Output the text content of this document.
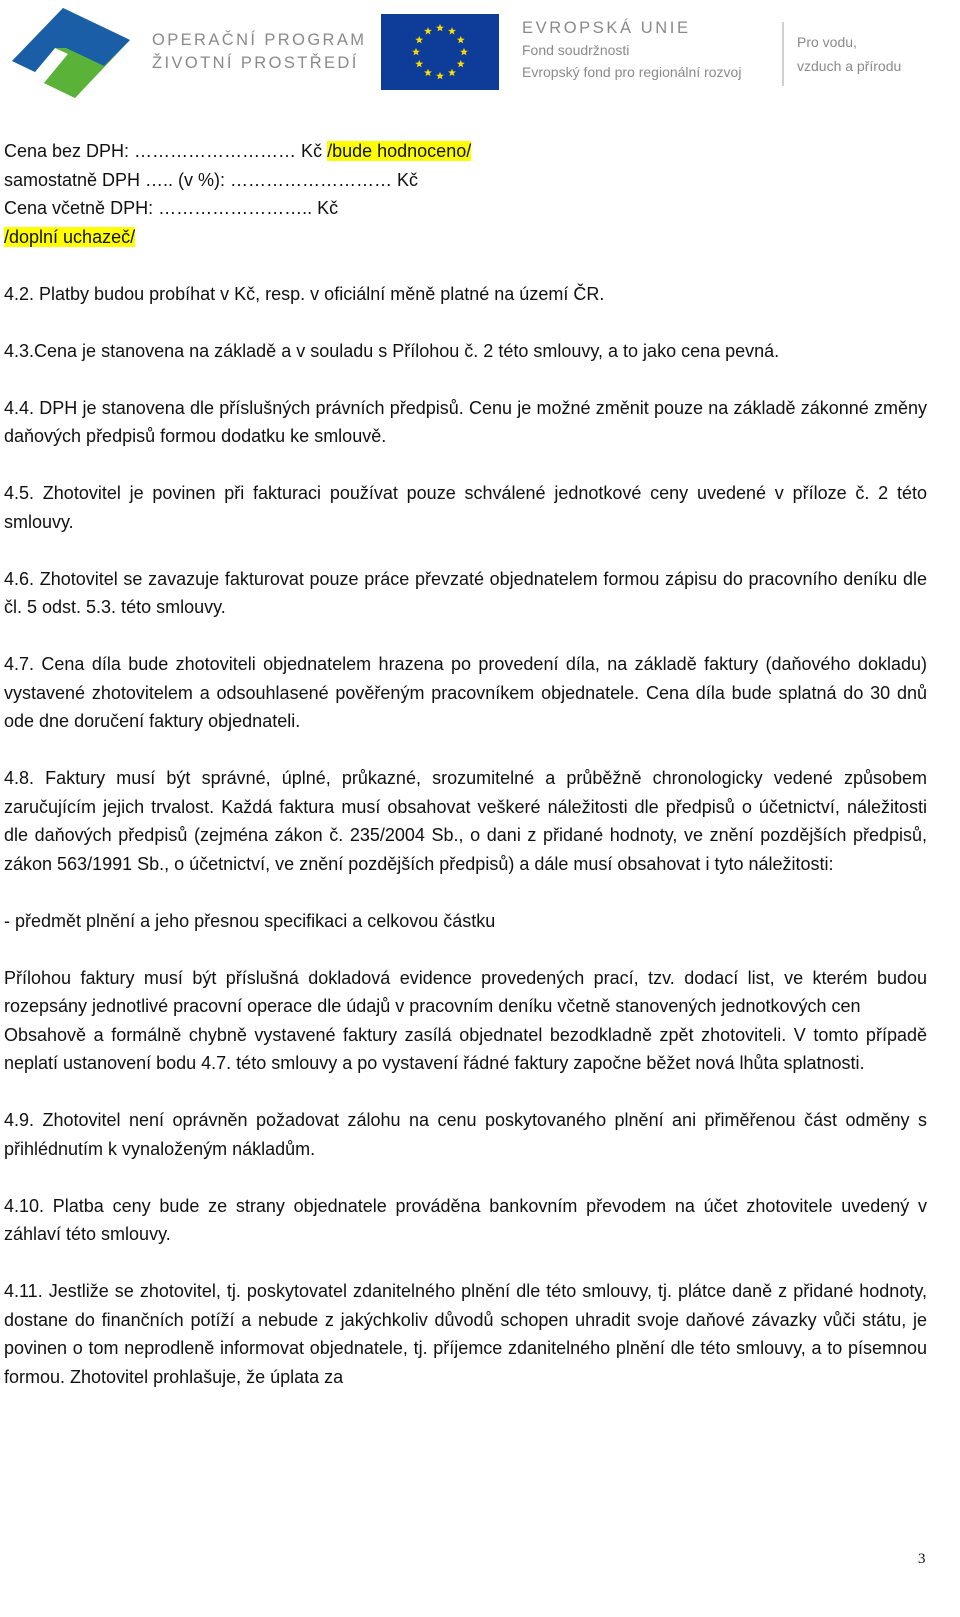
OPERAČNÍ PROGRAM
ŽIVOTNÍ PROSTŘEDÍ
EVROPSKÁ UNIE
Fond soudržnosti
Evropský fond pro regionální rozvoj
Pro vodu,
vzduch a přírodu

Cena bez DPH: ……………………… Kč /bude hodnoceno/

samostatně DPH ….. (v %): ……………………… Kč

Cena včetně DPH: …………………….. Kč

/doplní uchazeč/

4.2. Platby budou probíhat v Kč, resp. v oficiální měně platné na území ČR.

4.3.Cena je stanovena na základě a v souladu s Přílohou č. 2 této smlouvy, a to jako cena pevná.

4.4. DPH je stanovena dle příslušných právních předpisů. Cenu je možné změnit pouze na základě zákonné změny daňových předpisů formou dodatku ke smlouvě.

4.5. Zhotovitel je povinen při fakturaci používat pouze schválené jednotkové ceny uvedené v příloze č. 2 této smlouvy.

4.6. Zhotovitel se zavazuje fakturovat pouze práce převzaté objednatelem formou zápisu do pracovního deníku dle čl. 5 odst. 5.3. této smlouvy.

4.7. Cena díla bude zhotoviteli objednatelem hrazena po provedení díla, na základě faktury (daňového dokladu) vystavené zhotovitelem a odsouhlasené pověřeným pracovníkem objednatele. Cena díla bude splatná do 30 dnů ode dne doručení faktury objednateli.

4.8. Faktury musí být správné, úplné, průkazné, srozumitelné a průběžně chronologicky vedené způsobem zaručujícím jejich trvalost. Každá faktura musí obsahovat veškeré náležitosti dle předpisů o účetnictví, náležitosti dle daňových předpisů (zejména zákon č. 235/2004 Sb., o dani z přidané hodnoty, ve znění pozdějších předpisů, zákon 563/1991 Sb., o účetnictví, ve znění pozdějších předpisů) a dále musí obsahovat i tyto náležitosti:

- předmět plnění a jeho přesnou specifikaci a celkovou částku

Přílohou faktury musí být příslušná dokladová evidence provedených prací, tzv. dodací list, ve kterém budou rozepsány jednotlivé pracovní operace dle údajů v pracovním deníku včetně stanovených jednotkových cen

Obsahově a formálně chybně vystavené faktury zasílá objednatel bezodkladně zpět zhotoviteli. V tomto případě neplatí ustanovení bodu 4.7. této smlouvy a po vystavení řádné faktury započne běžet nová lhůta splatnosti.

4.9. Zhotovitel není oprávněn požadovat zálohu na cenu poskytovaného plnění ani přiměřenou část odměny s přihlédnutím k vynaloženým nákladům.

4.10. Platba ceny bude ze strany objednatele prováděna bankovním převodem na účet zhotovitele uvedený v záhlaví této smlouvy.

4.11. Jestliže se zhotovitel, tj. poskytovatel zdanitelného plnění dle této smlouvy, tj. plátce daně z přidané hodnoty, dostane do finančních potíží a nebude z jakýchkoliv důvodů schopen uhradit svoje daňové závazky vůči státu, je povinen o tom neprodleně informovat objednatele, tj. příjemce zdanitelného plnění dle této smlouvy, a to písemnou formou. Zhotovitel prohlašuje, že úplata za

3
